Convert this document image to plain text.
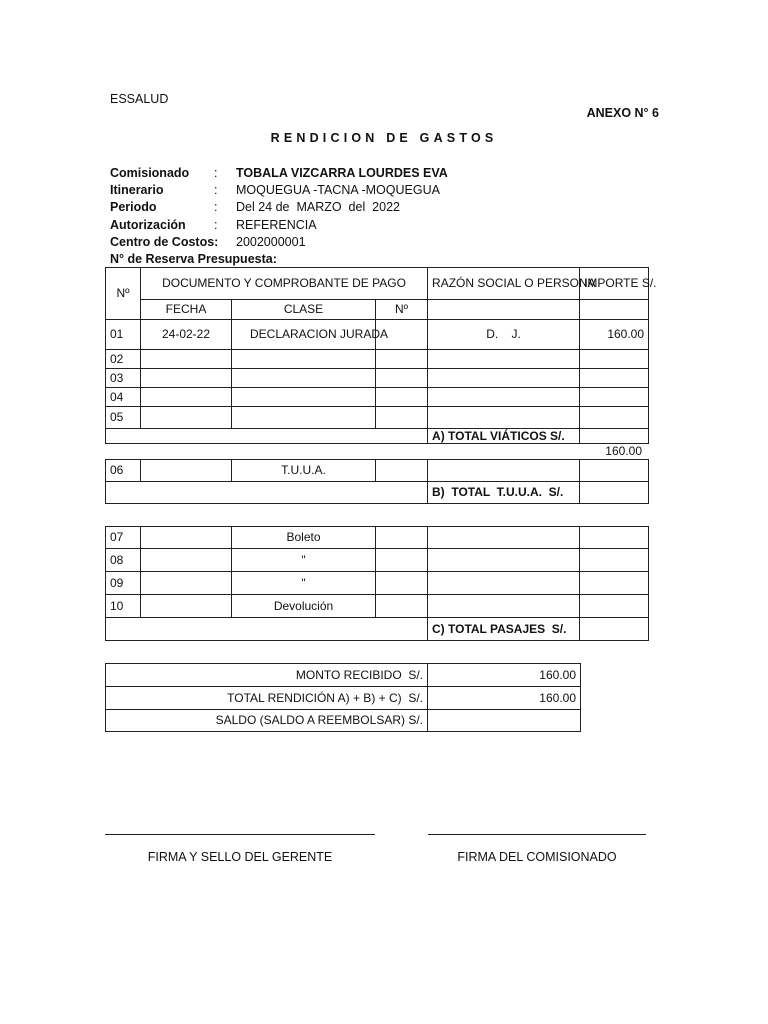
ESSALUD
ANEXO N° 6
RENDICION DE GASTOS
Comisionado : TOBALA VIZCARRA LOURDES EVA
Itinerario	: MOQUEGUA -TACNA -MOQUEGUA
Periodo	: Del 24 de  MARZO  del  2022
Autorización : REFERENCIA
Centro de Costos: 2002000001
N° de Reserva Presupuesta:
Nº	DOCUMENTO Y COMPROBANTE DE PAGO			RAZÓN SOCIAL O PERSONA	IMPORTE S/.
	FECHA	CLASE	Nº		
01	24-02-22	DECLARACION JURADA		D.    J.	160.00
02					
03					
04					
05					
				A) TOTAL VIÁTICOS S/.	
160.00
06		T.U.U.A.			
				B)  TOTAL  T.U.U.A.  S/.	
07		Boleto			
08		"			
09		"			
10		Devolución			
				C) TOTAL PASAJES  S/.	
MONTO RECIBIDO  S/.	160.00
TOTAL RENDICIÓN A) + B) + C)  S/.	160.00
SALDO (SALDO A REEMBOLSAR) S/.	
FIRMA Y SELLO DEL GERENTE	FIRMA DEL COMISIONADO
